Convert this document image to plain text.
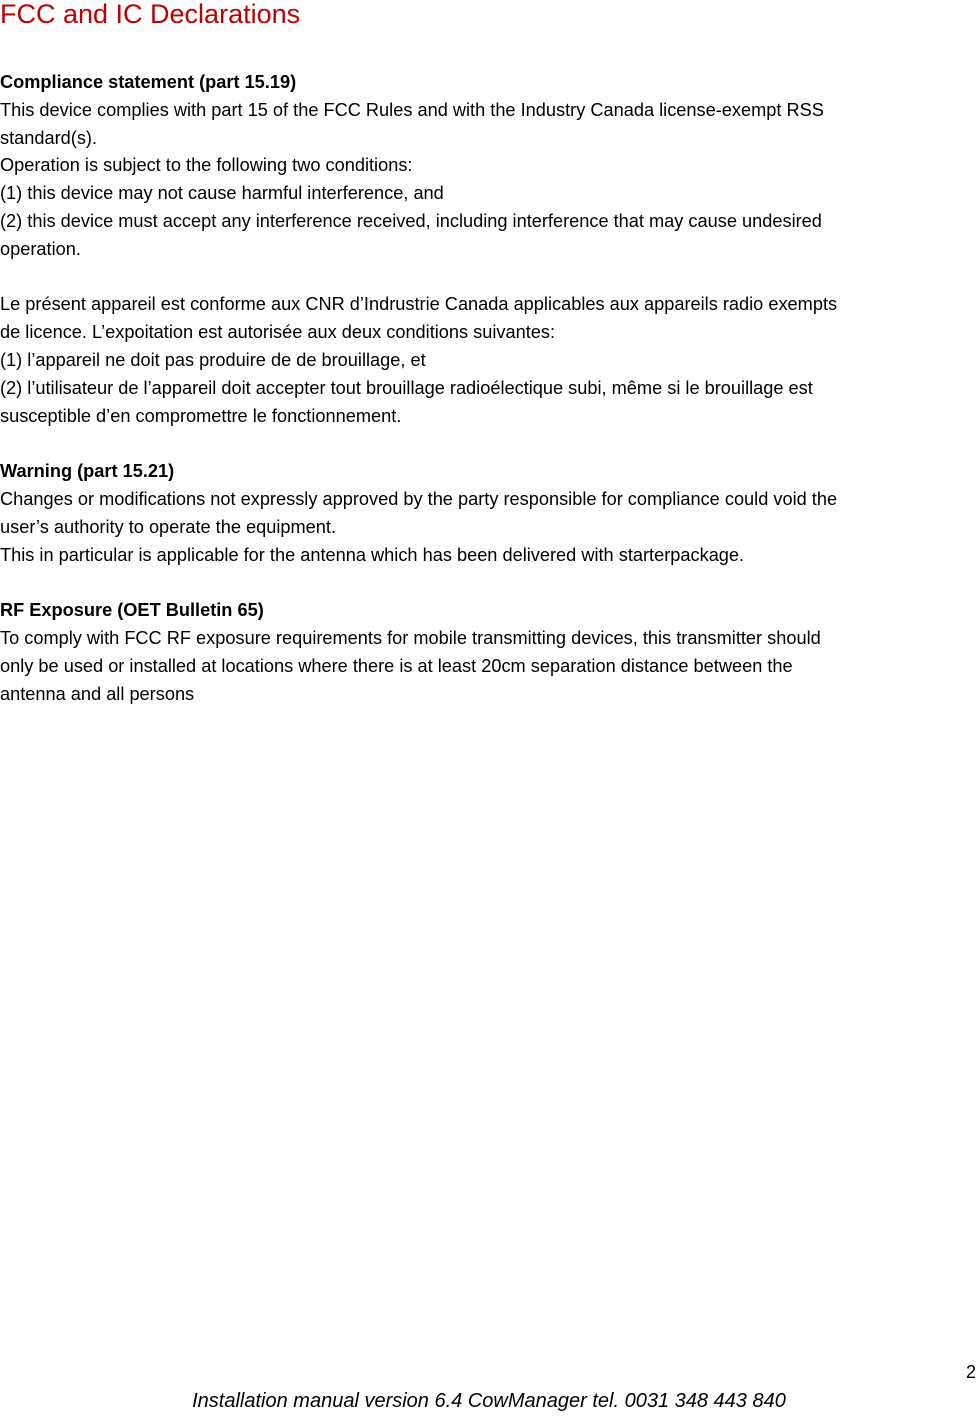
FCC and IC Declarations
Compliance statement (part 15.19)
This device complies with part 15 of the FCC Rules and with the Industry Canada license-exempt RSS
standard(s).
Operation is subject to the following two conditions:
(1) this device may not cause harmful interference, and
(2) this device must accept any interference received, including interference that may cause undesired
operation.
Le présent appareil est conforme aux CNR d’Indrustrie Canada applicables aux appareils radio exempts
de licence. L’expoitation est autorisée aux deux conditions suivantes:
(1) l’appareil ne doit pas produire de de brouillage, et
(2) l’utilisateur de l’appareil doit accepter tout brouillage radioélectique subi, même si le brouillage est
susceptible d’en compromettre le fonctionnement.
Warning (part 15.21)
Changes or modifications not expressly approved by the party responsible for compliance could void the
user’s authority to operate the equipment.
This in particular is applicable for the antenna which has been delivered with starterpackage.
RF Exposure (OET Bulletin 65)
To comply with FCC RF exposure requirements for mobile transmitting devices, this transmitter should
only be used or installed at locations where there is at least 20cm separation distance between the
antenna and all persons
2
Installation manual version 6.4 CowManager tel. 0031 348 443 840
